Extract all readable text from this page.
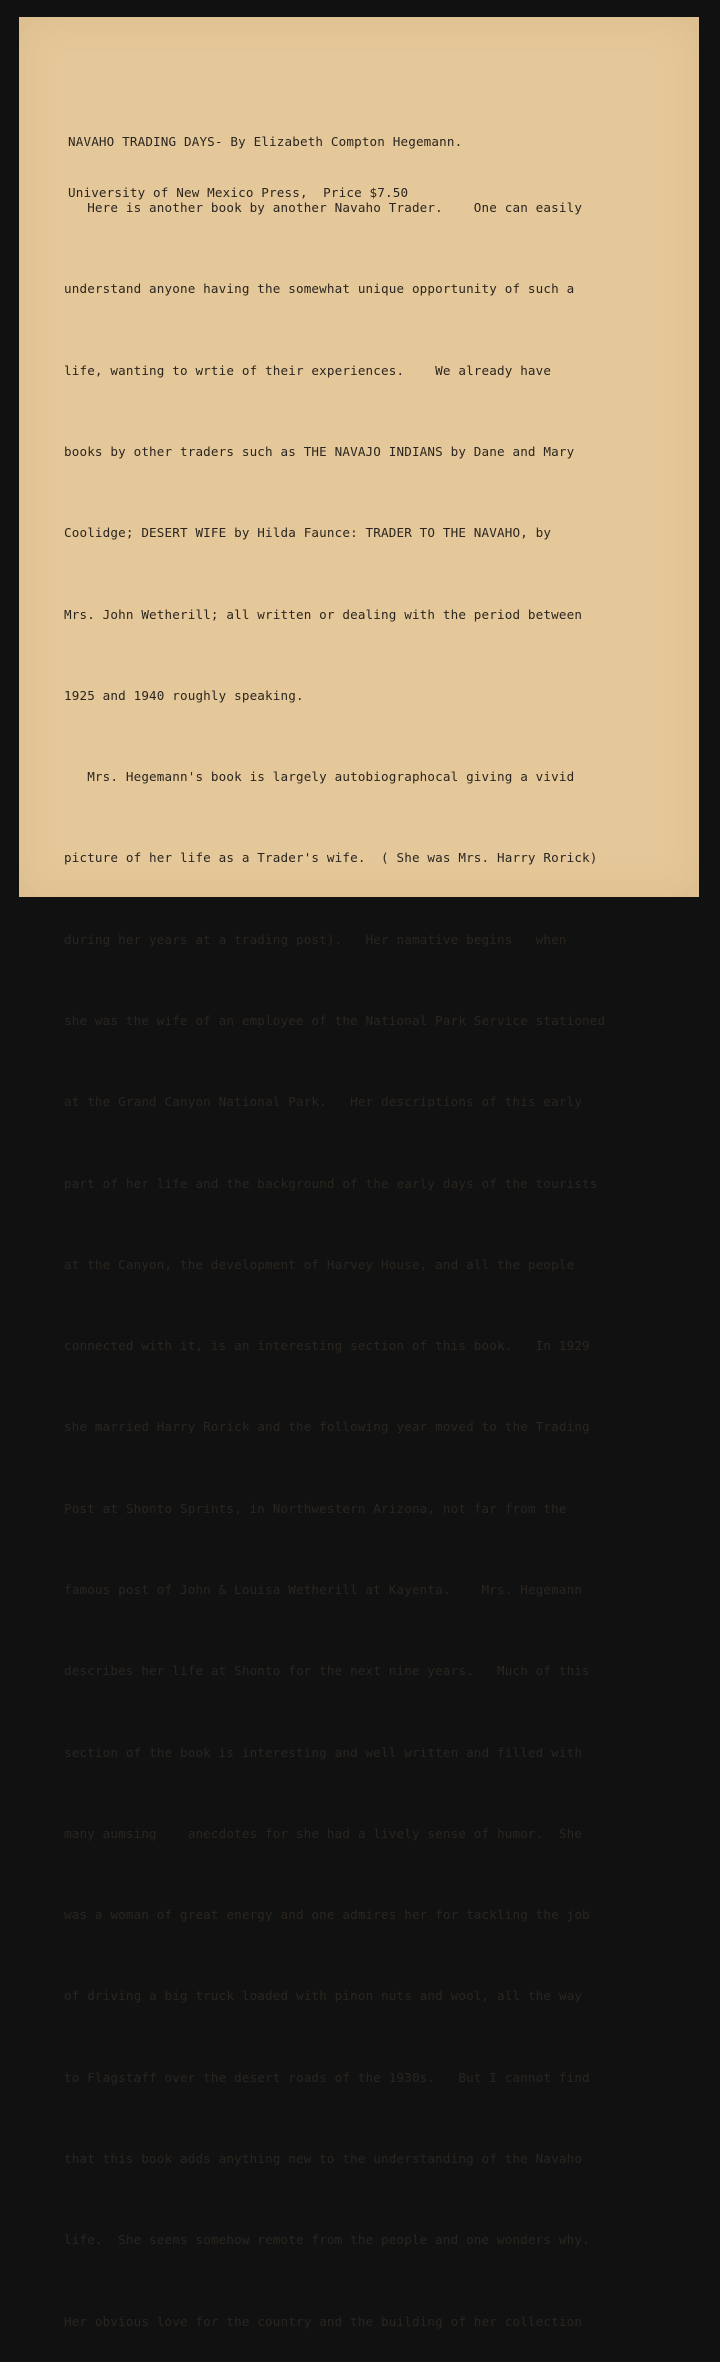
NAVAHO TRADING DAYS- By Elizabeth Compton Hegemann.

University of New Mexico Press,  Price $7.50

Here is another book by another Navaho Trader.    One can easily

understand anyone having the somewhat unique opportunity of such a

life, wanting to wrtie of their experiences.    We already have

books by other traders such as THE NAVAJO INDIANS by Dane and Mary

Coolidge; DESERT WIFE by Hilda Faunce: TRADER TO THE NAVAHO, by

Mrs. John Wetherill; all written or dealing with the period between

1925 and 1940 roughly speaking.

Mrs. Hegemann's book is largely autobiographocal giving a vivid

picture of her life as a Trader's wife.  ( She was Mrs. Harry Rorick)

during her years at a trading post).   Her namative begins   when

she was the wife of an employee of the National Park Service stationed

at the Grand Canyon National Park.   Her descriptions of this early

part of her life and the background of the early days of the tourists

at the Canyon, the development of Harvey House, and all the people

connected with it, is an interesting section of this book.   In 1929

she married Harry Rorick and the following year moved to the Trading

Post at Shonto Sprints, in Northwestern Arizona, not far from the

famous post of John & Louisa Wetherill at Kayenta.    Mrs. Hegemann

describes her life at Shonto for the next nine years.   Much of this

section of the book is interesting and well written and filled with

many aumsing    anecdotes for she had a lively sense of humor.  She

was a woman of great energy and one admires her for tackling the job

of driving a big truck loaded with pinon nuts and wool, all the way

to Flagstaff over the desert roads of the 1930s.   But I cannot find

that this book adds anything new to the understanding of the Navaho

life.  She seems somehow remote from the people and one wonders why.

Her obvious love for the country and the building of her collection
